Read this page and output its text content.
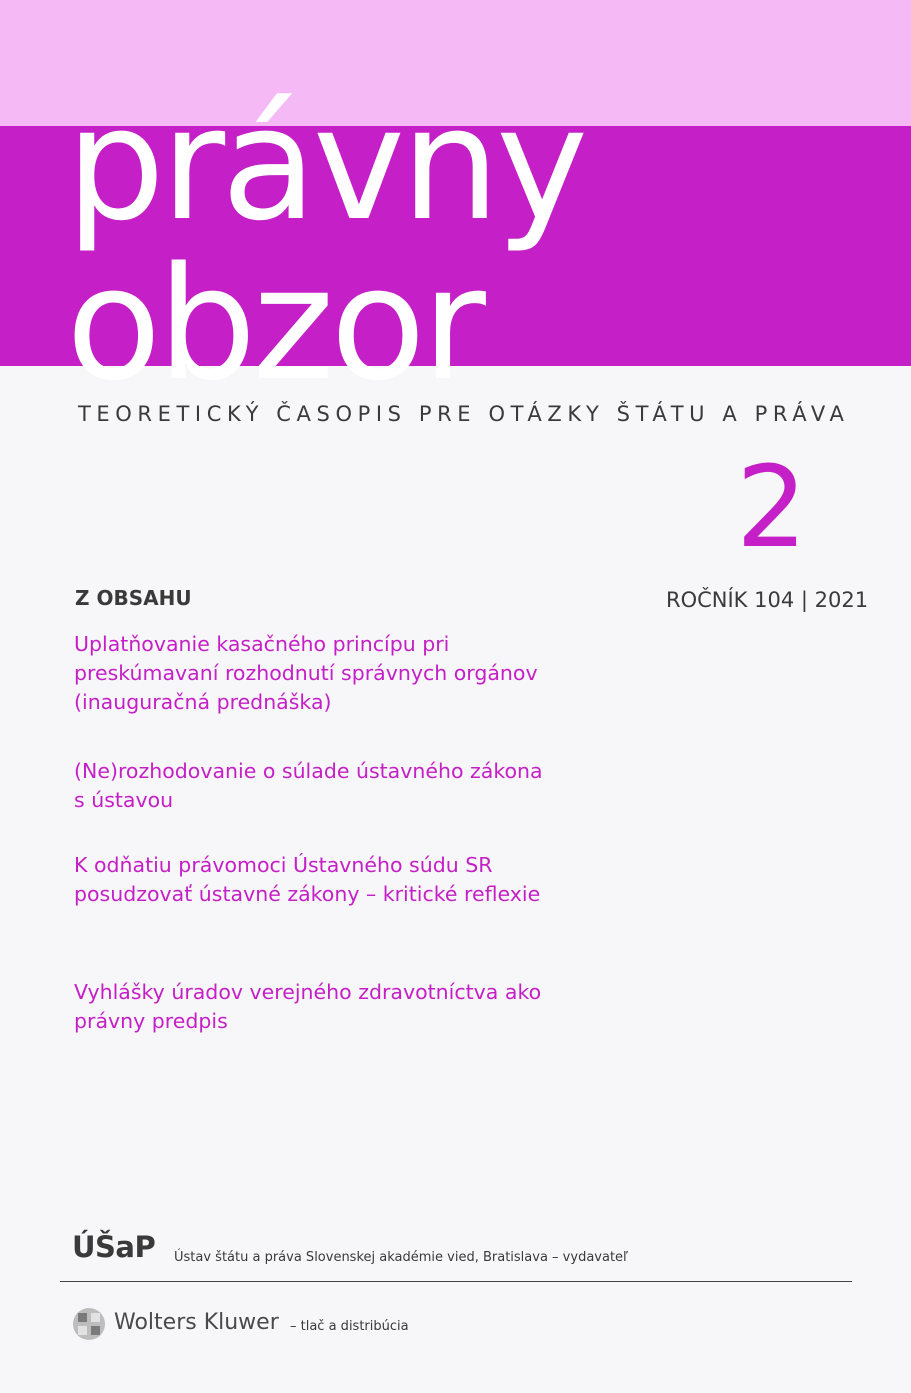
právny
obzor
TEORETICKÝ ČASOPIS PRE OTÁZKY ŠTÁTU A PRÁVA
2
ROČNÍK 104 | 2021
Z OBSAHU
Uplatňovanie kasačného princípu pri preskúmavaní rozhodnutí správnych orgánov (inauguračná prednáška)
(Ne)rozhodovanie o súlade ústavného zákona s ústavou
K odňatiu právomoci Ústavného súdu SR posudzovať ústavné zákony – kritické reflexie
Vyhlášky úradov verejného zdravotníctva ako právny predpis
ÚŠaP Ústav štátu a práva Slovenskej akadémie vied, Bratislava – vydavateľ
Wolters Kluwer – tlač a distribúcia
